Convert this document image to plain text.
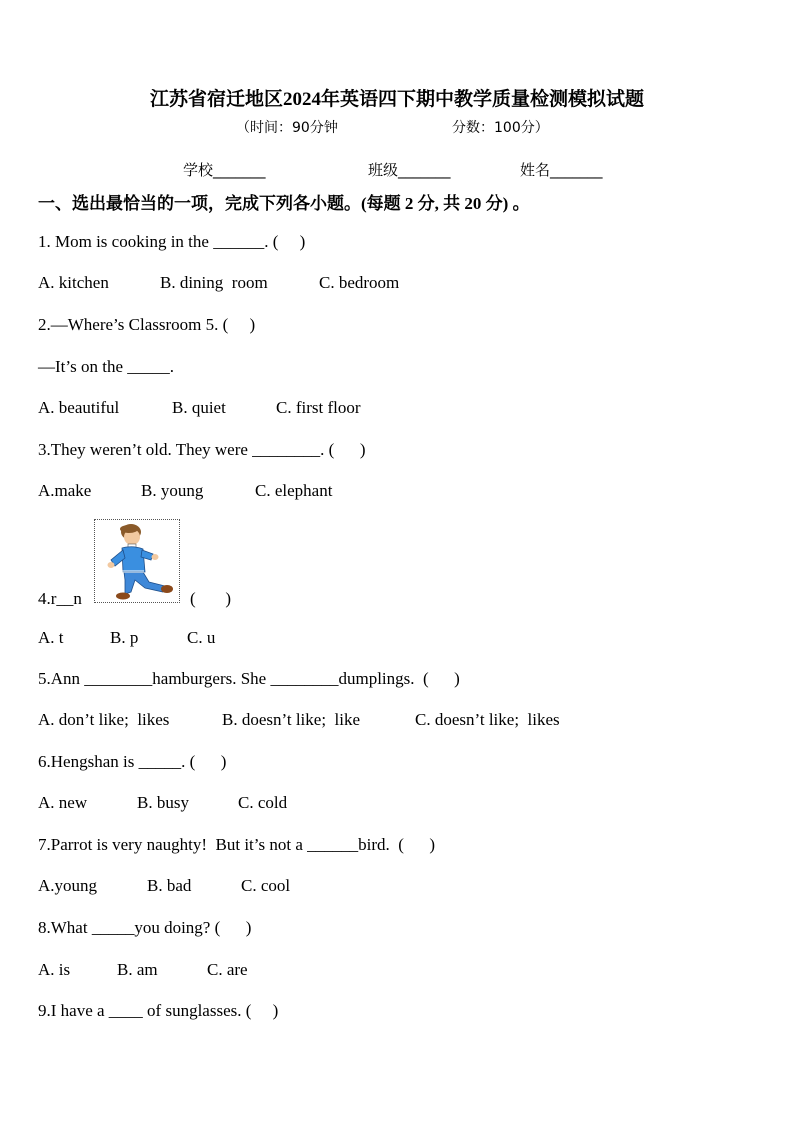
江苏省宿迁地区2024年英语四下期中教学质量检测模拟试题
（时间：90分钟	分数：100分）
学校_______	班级_______	姓名_______
一、选出最恰当的一项，完成下列各小题。(每题 2 分, 共 20 分) 。
1. Mom is cooking in the ______. (     )
A. kitchen	B. dining  room	C. bedroom
2.—Where’s Classroom 5. (     )
—It’s on the _____.
A. beautiful	B. quiet	C. first floor
3.They weren’t old. They were ________. (      )
A.make	B. young	C. elephant
4.r__n	(       )
A. t	B. p	C. u
5.Ann ________hamburgers. She ________dumplings.  (      )
A. don’t like;  likes	B. doesn’t like;  like	C. doesn’t like;  likes
6.Hengshan is _____. (      )
A. new	B. busy	C. cold
7.Parrot is very naughty!  But it’s not a ______bird.  (      )
A.young	B. bad	C. cool
8.What _____you doing? (      )
A. is	B. am	C. are
9.I have a ____ of sunglasses. (     )
